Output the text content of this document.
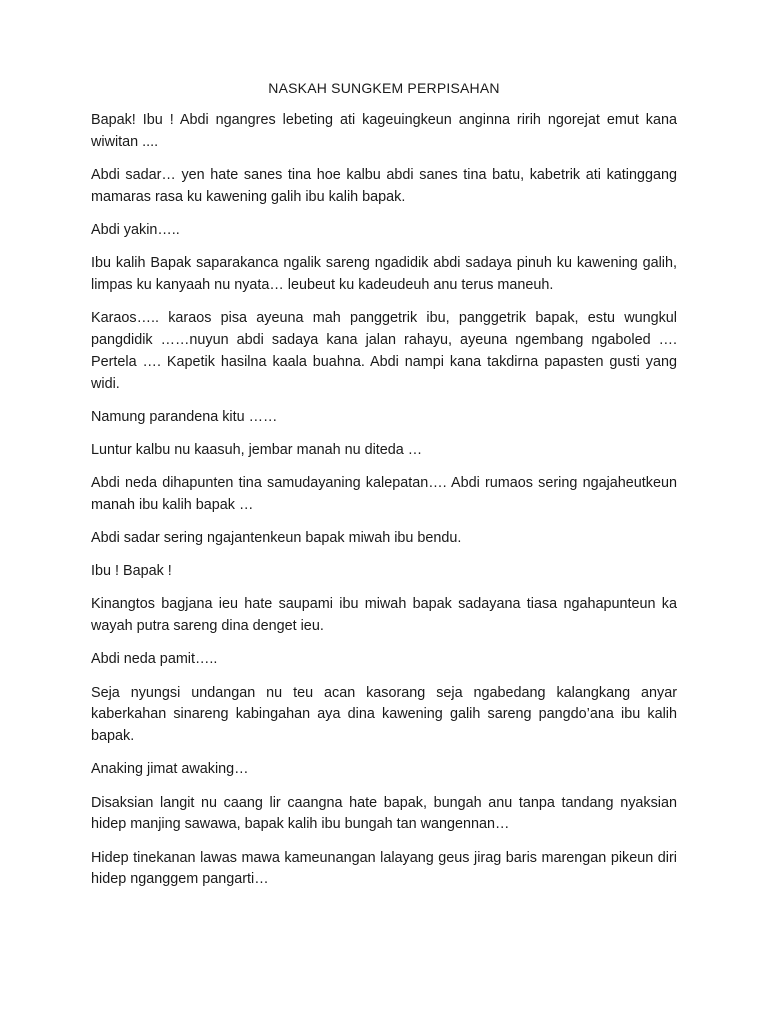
NASKAH SUNGKEM PERPISAHAN

Bapak! Ibu ! Abdi ngangres lebeting ati kageuingkeun anginna ririh ngorejat emut kana wiwitan ....

Abdi sadar… yen hate sanes tina hoe kalbu abdi sanes tina batu, kabetrik ati katinggang mamaras rasa ku kawening galih ibu kalih bapak.

Abdi yakin…..

Ibu kalih Bapak saparakanca ngalik sareng ngadidik abdi sadaya pinuh ku kawening galih, limpas ku kanyaah nu nyata… leubeut ku kadeudeuh anu terus maneuh.

Karaos….. karaos pisa ayeuna mah panggetrik ibu, panggetrik bapak, estu wungkul pangdidik ……nuyun abdi sadaya kana jalan rahayu, ayeuna ngembang ngaboled …. Pertela …. Kapetik hasilna kaala buahna. Abdi nampi kana takdirna papasten gusti yang widi.

Namung parandena kitu ……

Luntur kalbu nu kaasuh, jembar manah nu diteda …

Abdi neda dihapunten tina samudayaning kalepatan…. Abdi rumaos sering ngajaheutkeun manah ibu kalih bapak …

Abdi sadar sering ngajantenkeun bapak miwah ibu bendu.

Ibu ! Bapak !

Kinangtos bagjana ieu hate saupami ibu miwah bapak sadayana tiasa ngahapunteun ka wayah putra sareng dina denget ieu.

Abdi neda pamit…..

Seja nyungsi undangan nu teu acan kasorang seja ngabedang kalangkang anyar kaberkahan sinareng kabingahan aya dina kawening galih sareng pangdo’ana ibu kalih bapak.

Anaking jimat awaking…

Disaksian langit nu caang lir caangna hate bapak, bungah anu tanpa tandang nyaksian hidep manjing sawawa, bapak kalih ibu bungah tan wangennan…

Hidep tinekanan lawas mawa kameunangan lalayang geus jirag baris marengan pikeun diri hidep nganggem pangarti…
